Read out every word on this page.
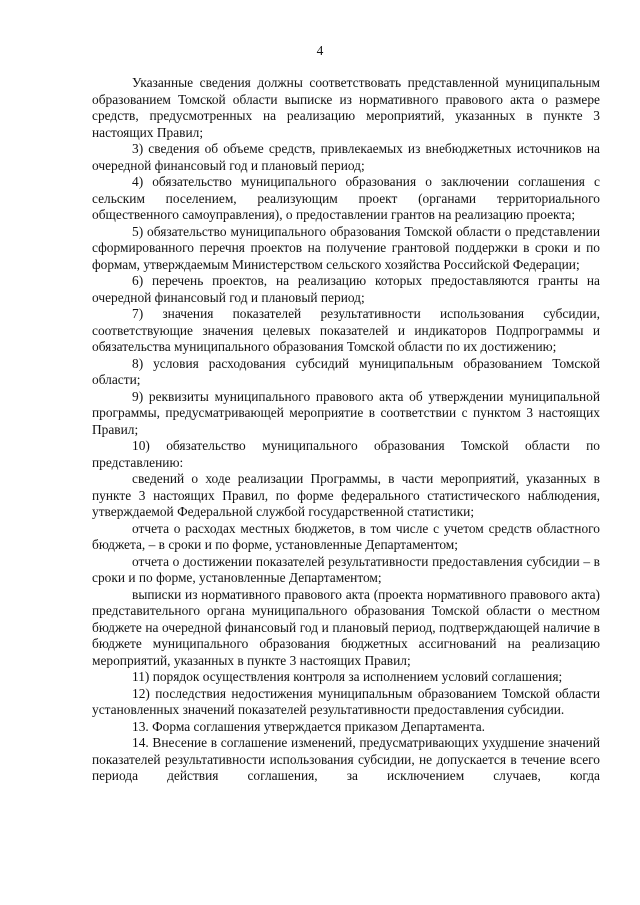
4

Указанные сведения должны соответствовать представленной муниципальным образованием Томской области выписке из нормативного правового акта о размере средств, предусмотренных на реализацию мероприятий, указанных в пункте 3 настоящих Правил;

3) сведения об объеме средств, привлекаемых из внебюджетных источников на очередной финансовый год и плановый период;

4) обязательство муниципального образования о заключении соглашения с сельским поселением, реализующим проект (органами территориального общественного самоуправления), о предоставлении грантов на реализацию проекта;

5) обязательство муниципального образования Томской области о представлении сформированного перечня проектов на получение грантовой поддержки в сроки и по формам, утверждаемым Министерством сельского хозяйства Российской Федерации;

6) перечень проектов, на реализацию которых предоставляются гранты на очередной финансовый год и плановый период;

7) значения показателей результативности использования субсидии, соответствующие значения целевых показателей и индикаторов Подпрограммы и обязательства муниципального образования Томской области по их достижению;

8) условия расходования субсидий муниципальным образованием Томской области;

9) реквизиты муниципального правового акта об утверждении муниципальной программы, предусматривающей мероприятие в соответствии с пунктом 3 настоящих Правил;

10) обязательство муниципального образования Томской области по представлению:

сведений о ходе реализации Программы, в части мероприятий, указанных в пункте 3 настоящих Правил, по форме федерального статистического наблюдения, утверждаемой Федеральной службой государственной статистики;

отчета о расходах местных бюджетов, в том числе с учетом средств областного бюджета, – в сроки и по форме, установленные Департаментом;

отчета о достижении показателей результативности предоставления субсидии – в сроки и по форме, установленные Департаментом;

выписки из нормативного правового акта (проекта нормативного правового акта) представительного органа муниципального образования Томской области о местном бюджете на очередной финансовый год и плановый период, подтверждающей наличие в бюджете муниципального образования бюджетных ассигнований на реализацию мероприятий, указанных в пункте 3 настоящих Правил;

11) порядок осуществления контроля за исполнением условий соглашения;

12) последствия недостижения муниципальным образованием Томской области установленных значений показателей результативности предоставления субсидии.

13. Форма соглашения утверждается приказом Департамента.

14. Внесение в соглашение изменений, предусматривающих ухудшение значений показателей результативности использования субсидии, не допускается в течение всего периода действия соглашения, за исключением случаев, когда
